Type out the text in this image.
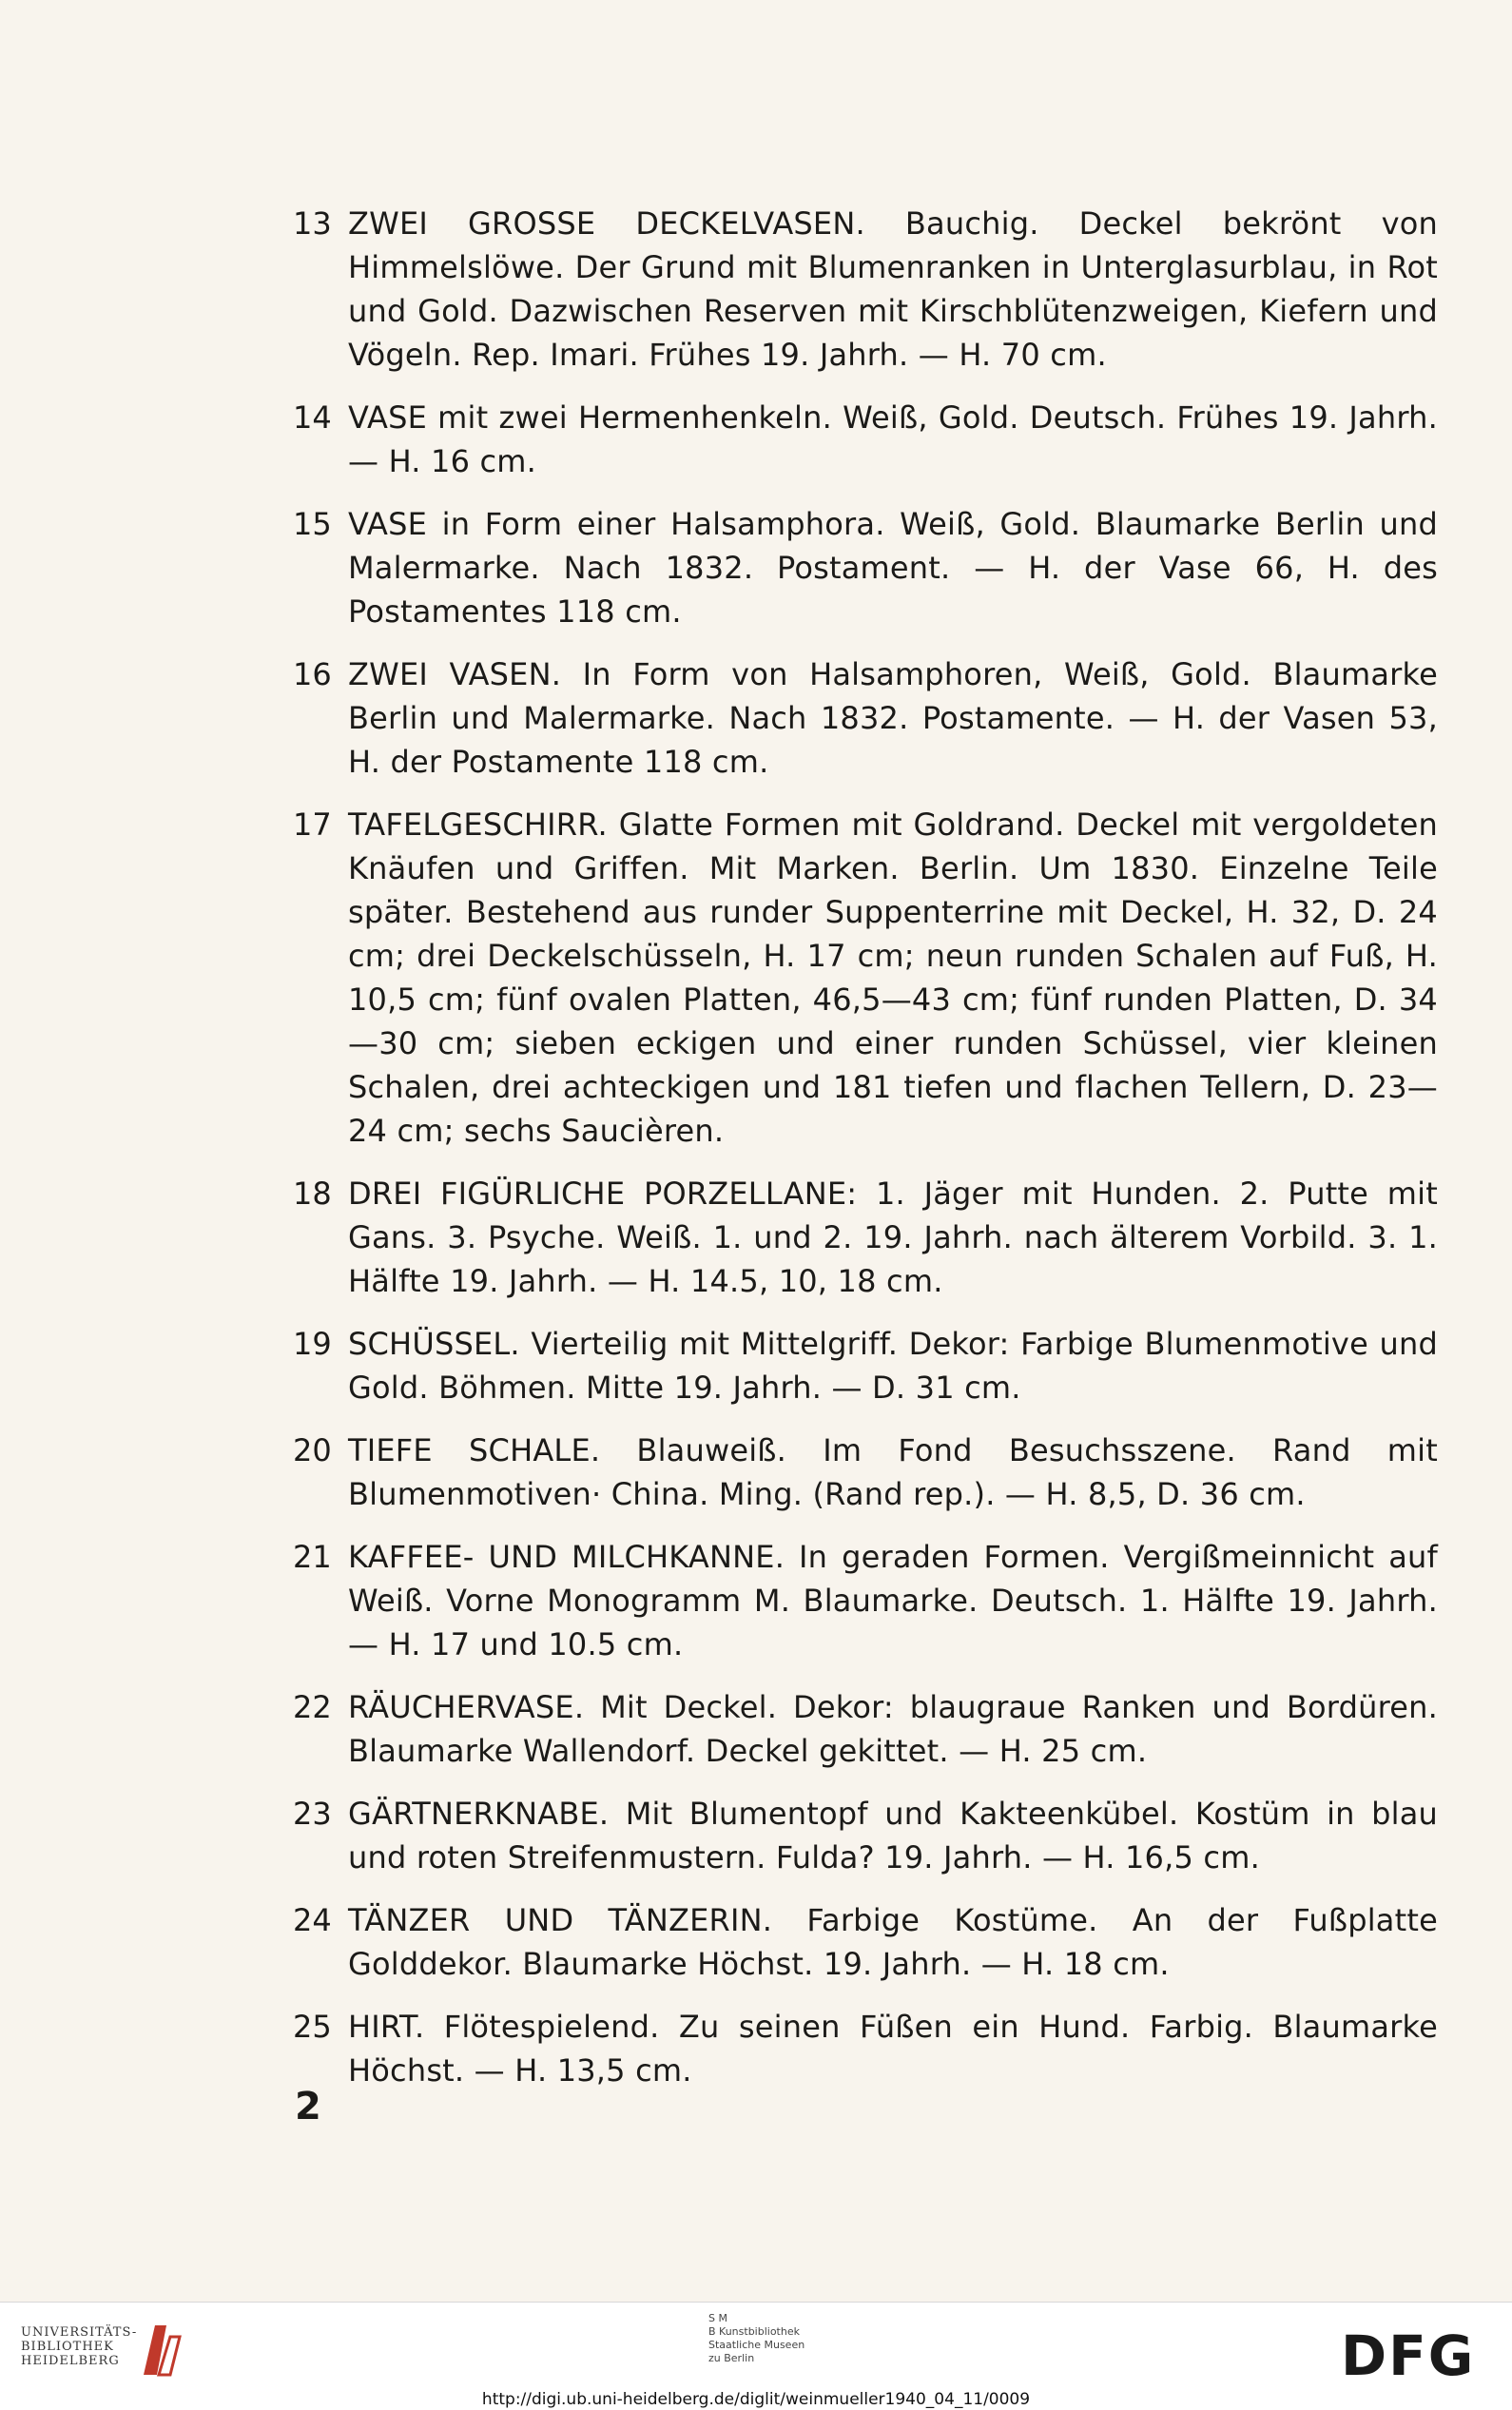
13 ZWEI GROSSE DECKELVASEN. Bauchig. Deckel bekrönt von Himmelslöwe. Der Grund mit Blumenranken in Unterglasurblau, in Rot und Gold. Dazwischen Reserven mit Kirschblütenzweigen, Kiefern und Vögeln. Rep. Imari. Frühes 19. Jahrh. — H. 70 cm.
14 VASE mit zwei Hermenhenkeln. Weiß, Gold. Deutsch. Frühes 19. Jahrh. — H. 16 cm.
15 VASE in Form einer Halsamphora. Weiß, Gold. Blaumarke Berlin und Malermarke. Nach 1832. Postament. — H. der Vase 66, H. des Postamentes 118 cm.
16 ZWEI VASEN. In Form von Halsamphoren, Weiß, Gold. Blaumarke Berlin und Malermarke. Nach 1832. Postamente. — H. der Vasen 53, H. der Postamente 118 cm.
17 TAFELGESCHIRR. Glatte Formen mit Goldrand. Deckel mit vergoldeten Knäufen und Griffen. Mit Marken. Berlin. Um 1830. Einzelne Teile später. Bestehend aus runder Suppenterrine mit Deckel, H. 32, D. 24 cm; drei Deckelschüsseln, H. 17 cm; neun runden Schalen auf Fuß, H. 10,5 cm; fünf ovalen Platten, 46,5—43 cm; fünf runden Platten, D. 34—30 cm; sieben eckigen und einer runden Schüssel, vier kleinen Schalen, drei achteckigen und 181 tiefen und flachen Tellern, D. 23—24 cm; sechs Saucièren.
18 DREI FIGÜRLICHE PORZELLANE: 1. Jäger mit Hunden. 2. Putte mit Gans. 3. Psyche. Weiß. 1. und 2. 19. Jahrh. nach älterem Vorbild. 3. 1. Hälfte 19. Jahrh. — H. 14.5, 10, 18 cm.
19 SCHÜSSEL. Vierteilig mit Mittelgriff. Dekor: Farbige Blumenmotive und Gold. Böhmen. Mitte 19. Jahrh. — D. 31 cm.
20 TIEFE SCHALE. Blauweiß. Im Fond Besuchsszene. Rand mit Blumenmotiven· China. Ming. (Rand rep.). — H. 8,5, D. 36 cm.
21 KAFFEE- UND MILCHKANNE. In geraden Formen. Vergißmeinnicht auf Weiß. Vorne Monogramm M. Blaumarke. Deutsch. 1. Hälfte 19. Jahrh. — H. 17 und 10.5 cm.
22 RÄUCHERVASE. Mit Deckel. Dekor: blaugraue Ranken und Bordüren. Blaumarke Wallendorf. Deckel gekittet. — H. 25 cm.
23 GÄRTNERKNABE. Mit Blumentopf und Kakteenkübel. Kostüm in blau und roten Streifenmustern. Fulda? 19. Jahrh. — H. 16,5 cm.
24 TÄNZER UND TÄNZERIN. Farbige Kostüme. An der Fußplatte Golddekor. Blaumarke Höchst. 19. Jahrh. — H. 18 cm.
25 HIRT. Flötespielend. Zu seinen Füßen ein Hund. Farbig. Blaumarke Höchst. — H. 13,5 cm.
2
UNIVERSITÄTS-
BIBLIOTHEK
HEIDELBERG
S M
B Kunstbibliothek
Staatliche Museen
zu Berlin	DFG
http://digi.ub.uni-heidelberg.de/diglit/weinmueller1940_04_11/0009
